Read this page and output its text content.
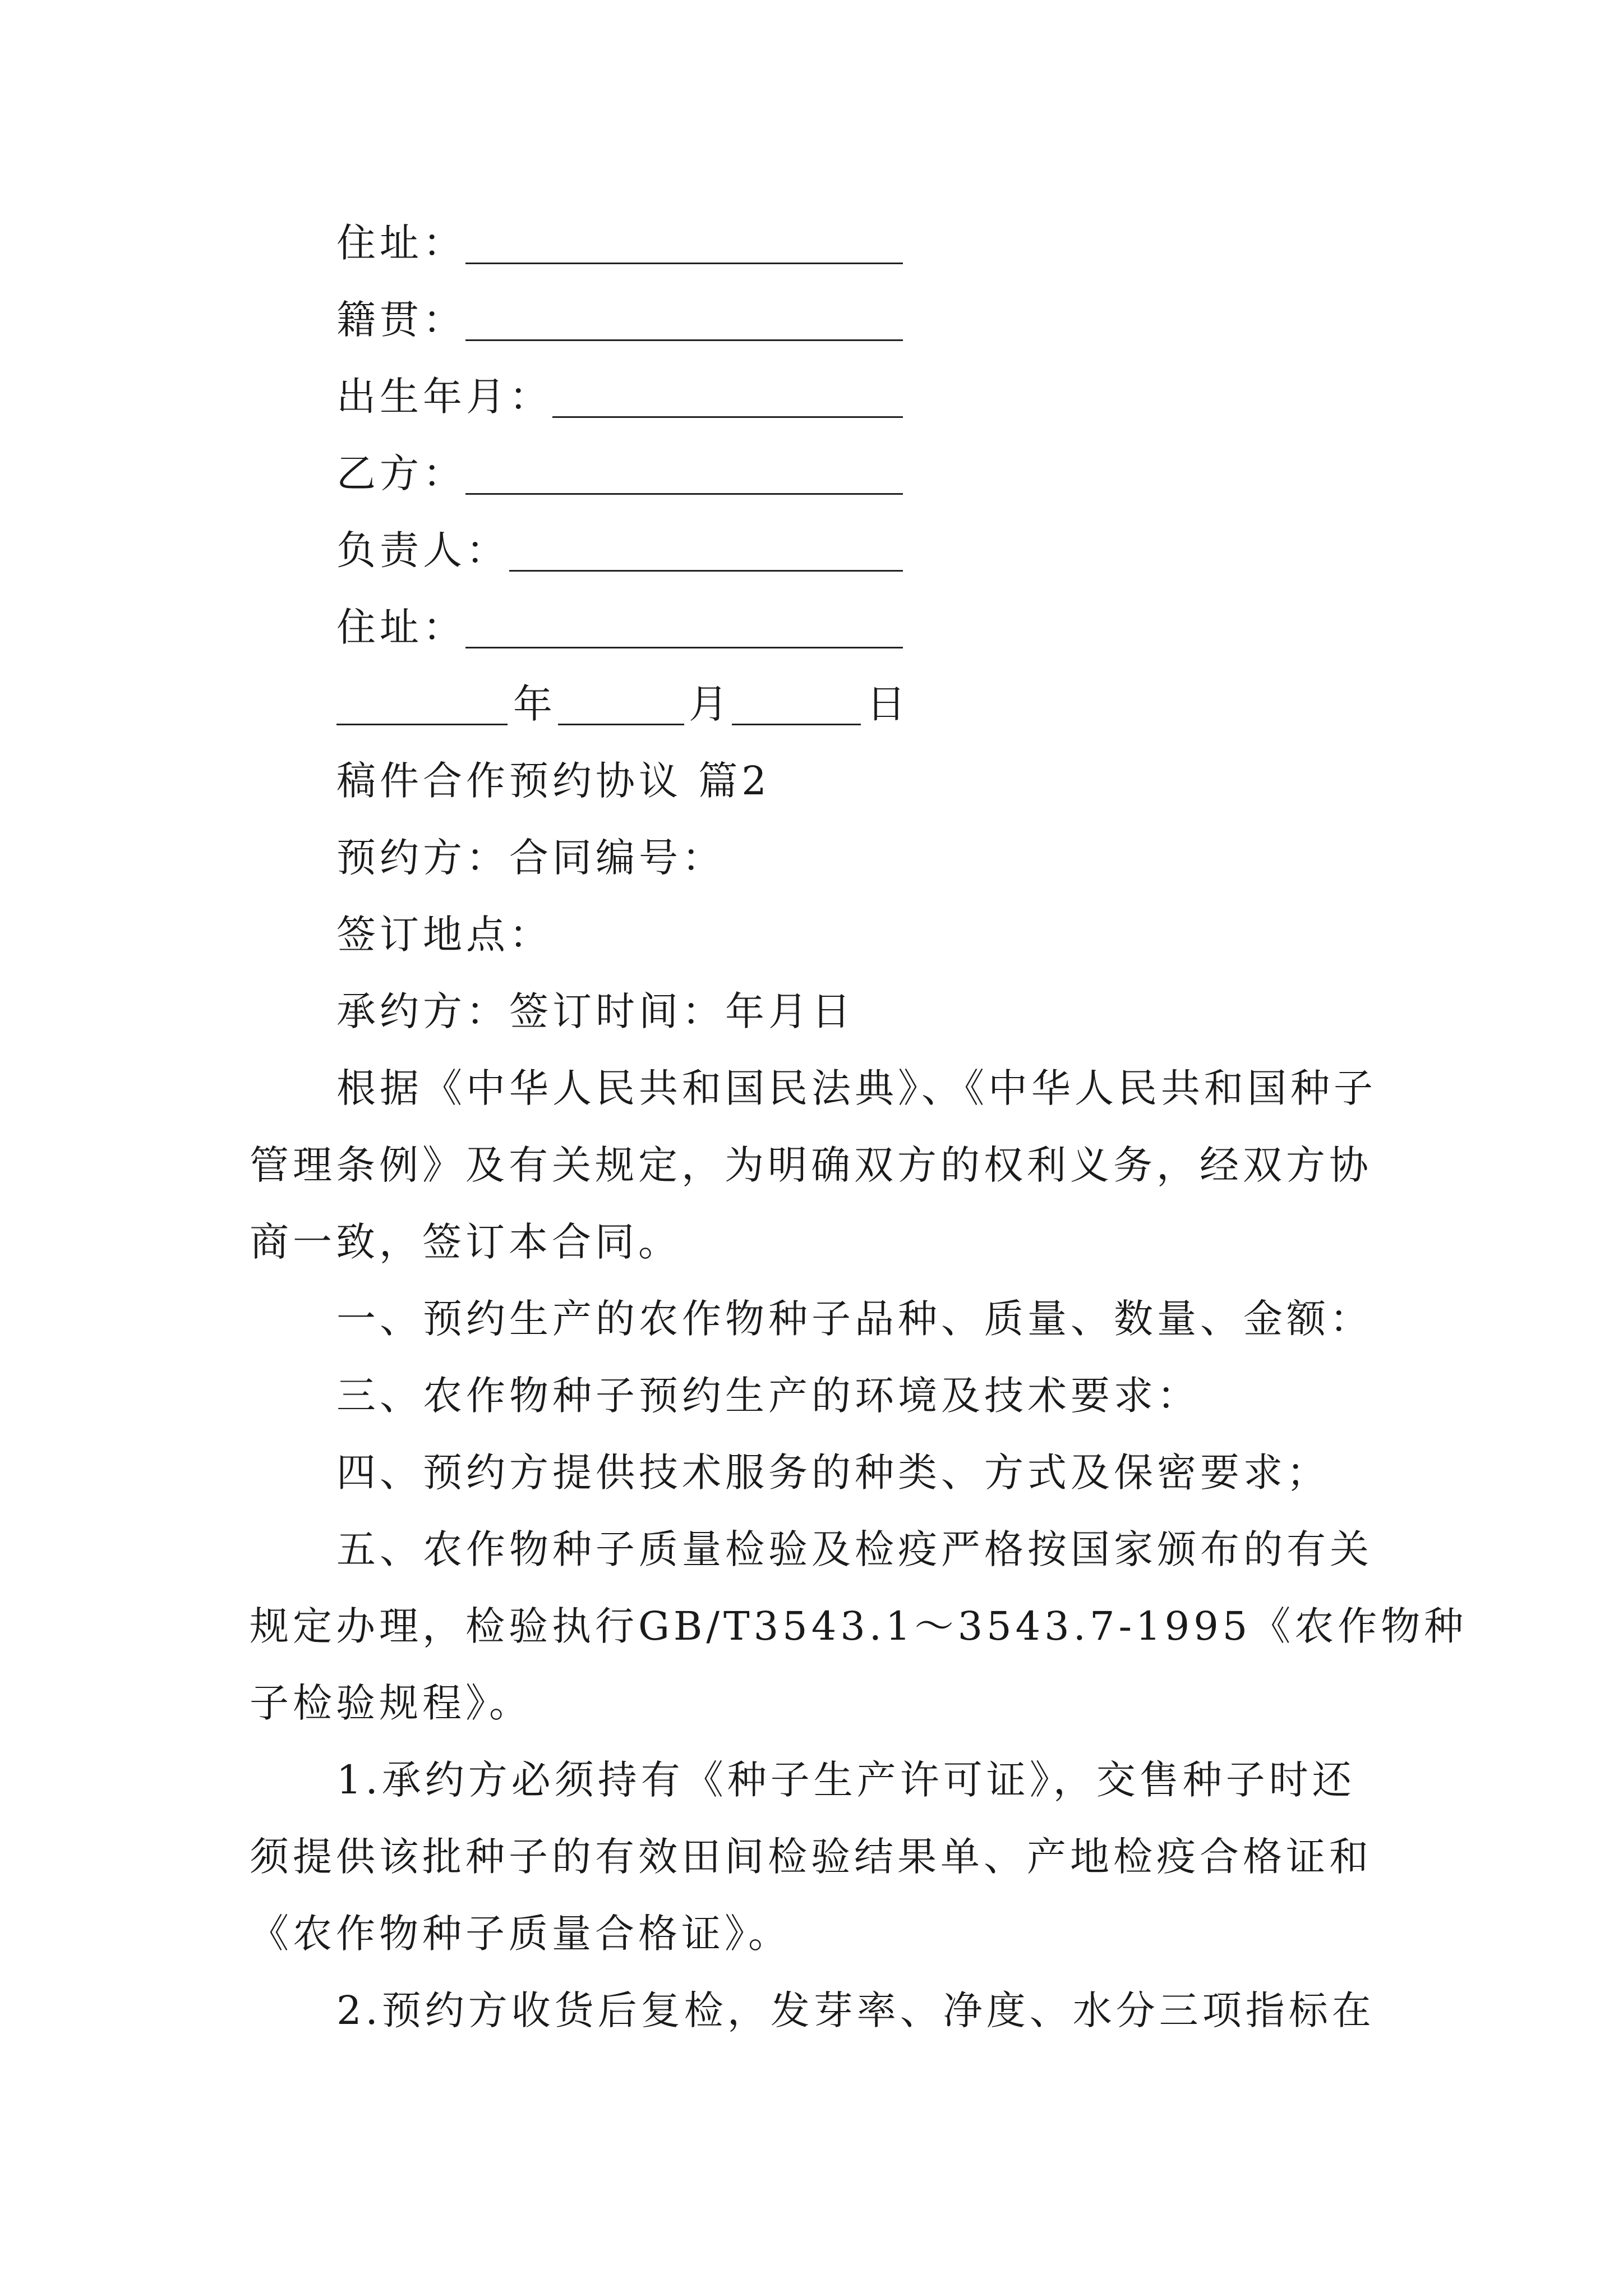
住址：
籍贯：
出生年月：
乙方：
负责人：
住址：
年	月	日
稿件合作预约协议 篇2
预约方：合同编号：
签订地点：
承约方：签订时间：年月日
根据《中华人民共和国民法典》、《中华人民共和国种子
管理条例》及有关规定，为明确双方的权利义务，经双方协
商一致，签订本合同。
一、预约生产的农作物种子品种、质量、数量、金额：
三、农作物种子预约生产的环境及技术要求：
四、预约方提供技术服务的种类、方式及保密要求；
五、农作物种子质量检验及检疫严格按国家颁布的有关
规定办理，检验执行GB/T3543.1～3543.7-1995《农作物种
子检验规程》。
1.承约方必须持有《种子生产许可证》，交售种子时还
须提供该批种子的有效田间检验结果单、产地检疫合格证和
《农作物种子质量合格证》。
2.预约方收货后复检，发芽率、净度、水分三项指标在
